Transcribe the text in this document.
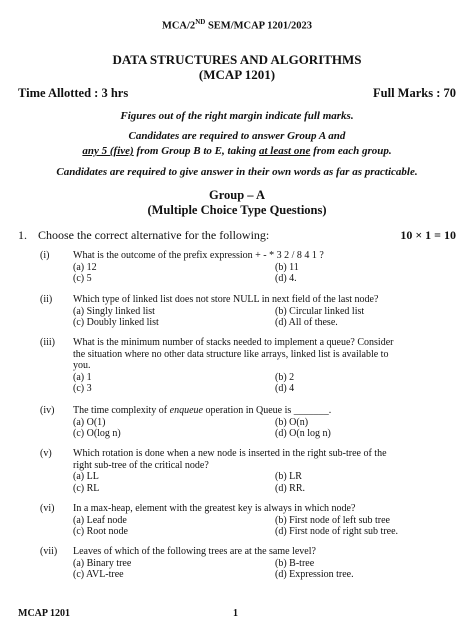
MCA/2ND SEM/MCAP 1201/2023
DATA STRUCTURES AND ALGORITHMS
(MCAP 1201)
Time Allotted : 3 hrs	Full Marks : 70
Figures out of the right margin indicate full marks.
Candidates are required to answer Group A and
any 5 (five) from Group B to E, taking at least one from each group.
Candidates are required to give answer in their own words as far as practicable.
Group – A
(Multiple Choice Type Questions)
1. Choose the correct alternative for the following:	10 × 1 = 10
(i) What is the outcome of the prefix expression + - * 3 2 / 8 4 1 ?
(a) 12	(b) 11
(c) 5	(d) 4.
(ii) Which type of linked list does not store NULL in next field of the last node?
(a) Singly linked list	(b) Circular linked list
(c) Doubly linked list	(d) All of these.
(iii) What is the minimum number of stacks needed to implement a queue? Consider
the situation where no other data structure like arrays, linked list is available to
you.
(a) 1	(b) 2
(c) 3	(d) 4
(iv) The time complexity of enqueue operation in Queue is _______.
(a) O(1)	(b) O(n)
(c) O(log n)	(d) O(n log n)
(v) Which rotation is done when a new node is inserted in the right sub-tree of the
right sub-tree of the critical node?
(a) LL	(b) LR
(c) RL	(d) RR.
(vi) In a max-heap, element with the greatest key is always in which node?
(a) Leaf node	(b) First node of left sub tree
(c) Root node	(d) First node of right sub tree.
(vii) Leaves of which of the following trees are at the same level?
(a) Binary tree	(b) B-tree
(c) AVL-tree	(d) Expression tree.
MCAP 1201	1
